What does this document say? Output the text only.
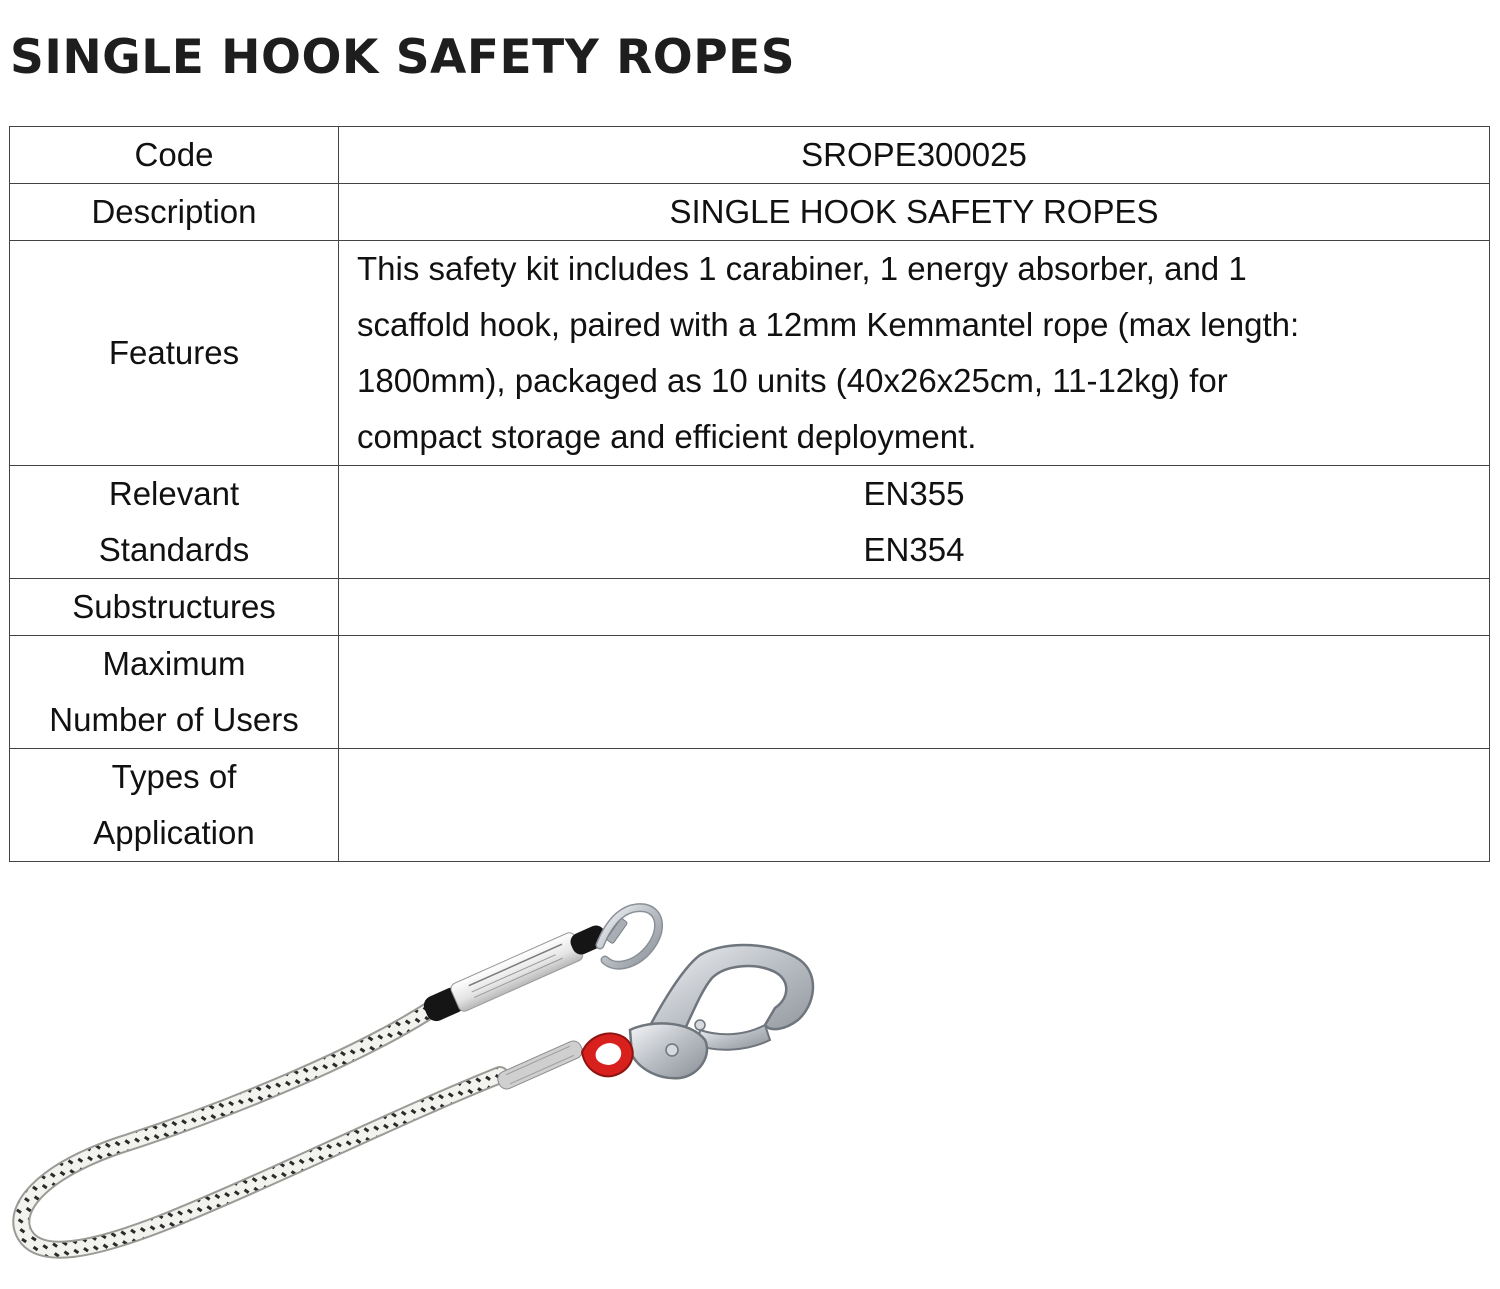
SINGLE HOOK SAFETY ROPES
Code	SROPE300025
Description	SINGLE HOOK SAFETY ROPES
Features	This safety kit includes 1 carabiner, 1 energy absorber, and 1
scaffold hook, paired with a 12mm Kemmantel rope (max length:
1800mm), packaged as 10 units (40x26x25cm, 11-12kg) for
compact storage and efficient deployment.

Relevant
Standards	EN355
EN354

Substructures	

Maximum
Number of Users	

Types of
Application	
